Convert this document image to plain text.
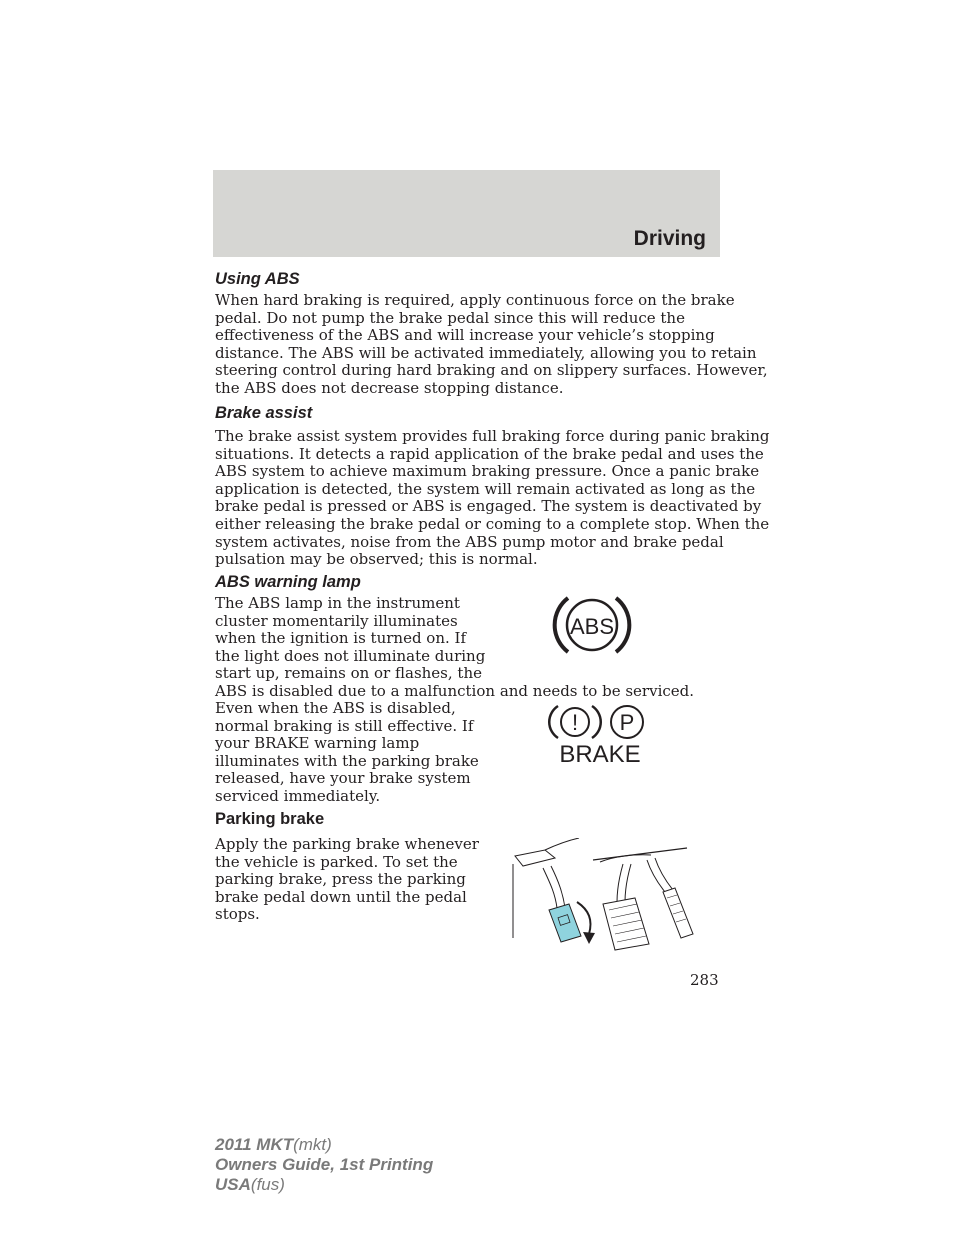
Driving
Using ABS

When hard braking is required, apply continuous force on the brake
pedal. Do not pump the brake pedal since this will reduce the
effectiveness of the ABS and will increase your vehicle’s stopping
distance. The ABS will be activated immediately, allowing you to retain
steering control during hard braking and on slippery surfaces. However,
the ABS does not decrease stopping distance.

Brake assist

The brake assist system provides full braking force during panic braking
situations. It detects a rapid application of the brake pedal and uses the
ABS system to achieve maximum braking pressure. Once a panic brake
application is detected, the system will remain activated as long as the
brake pedal is pressed or ABS is engaged. The system is deactivated by
either releasing the brake pedal or coming to a complete stop. When the
system activates, noise from the ABS pump motor and brake pedal
pulsation may be observed; this is normal.

ABS warning lamp

The ABS lamp in the instrument
cluster momentarily illuminates
when the ignition is turned on. If
the light does not illuminate during
start up, remains on or flashes, the
ABS is disabled due to a malfunction and needs to be serviced.

ABS

Even when the ABS is disabled,
normal braking is still effective. If
your BRAKE warning lamp
illuminates with the parking brake
released, have your brake system
serviced immediately.

! P
BRAKE
Parking brake

Apply the parking brake whenever
the vehicle is parked. To set the
parking brake, press the parking
brake pedal down until the pedal
stops.

283
2011 MKT(mkt)
Owners Guide, 1st Printing
USA(fus)
